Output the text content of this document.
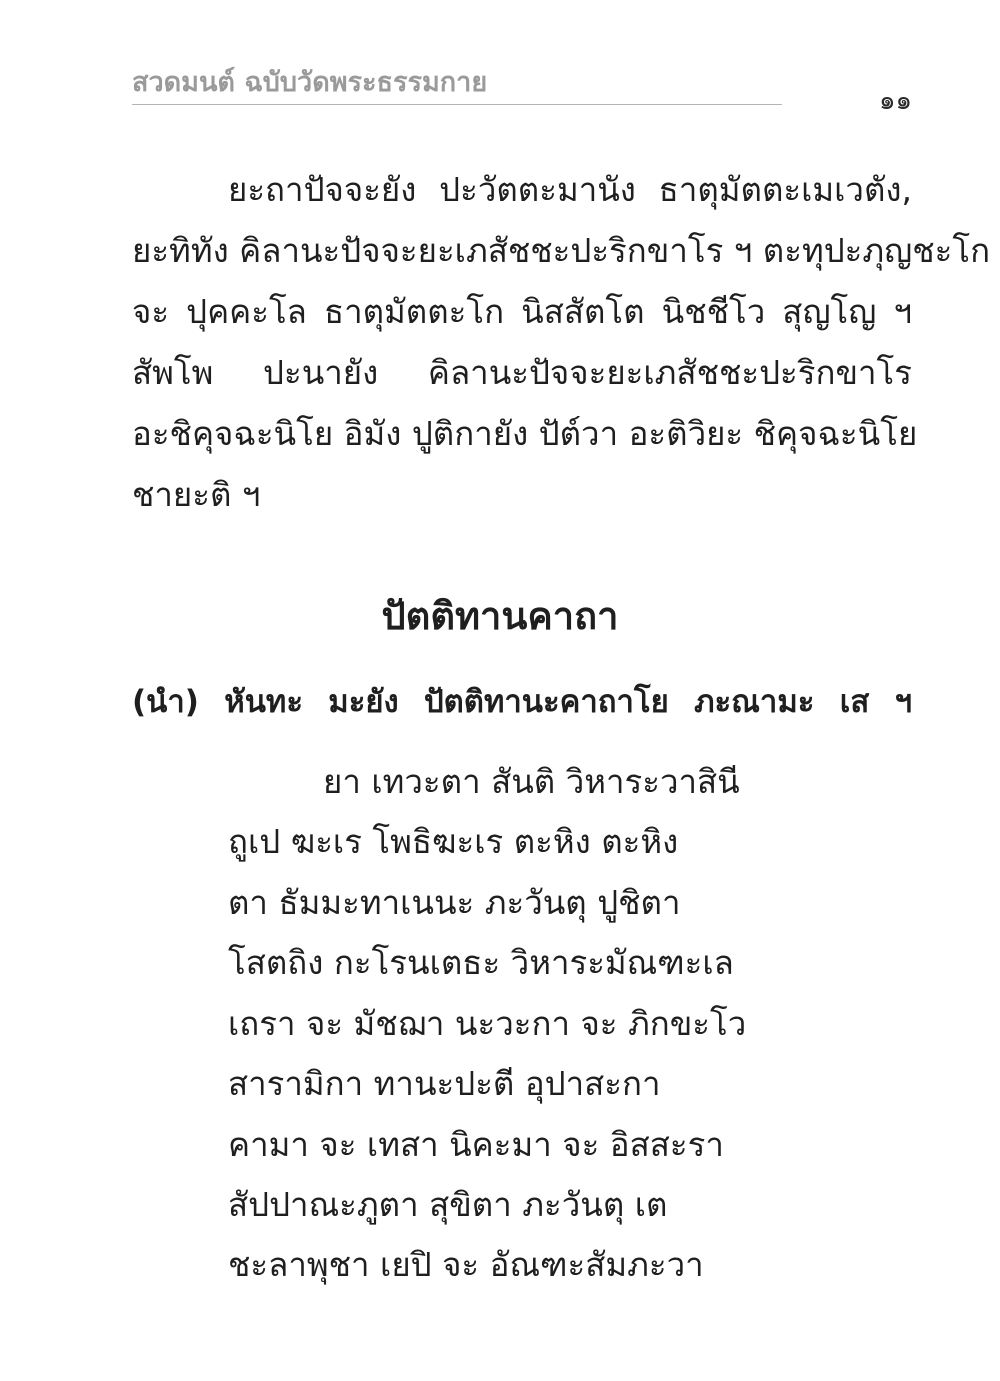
สวดมนต์ ฉบับวัดพระธรรมกาย
๑๑
ยะถาปัจจะยัง ปะวัตตะมานัง ธาตุมัตตะเมเวตัง,
ยะทิทัง คิลานะปัจจะยะเภสัชชะปะริกขาโร ฯ ตะทุปะภุญชะโก
จะ ปุคคะโล ธาตุมัตตะโก นิสสัตโต นิชชีโว สุญโญ ฯ
สัพโพ ปะนายัง คิลานะปัจจะยะเภสัชชะปะริกขาโร
อะชิคุจฉะนิโย อิมัง ปูติกายัง ปัต์วา อะติวิยะ ชิคุจฉะนิโย
ชายะติ ฯ
ปัตติทานคาถา
(นำ) หันทะ มะยัง ปัตติทานะคาถาโย ภะณามะ เส ฯ
ยา เทวะตา สันติ วิหาระวาสินี
ถูเป ฆะเร โพธิฆะเร ตะหิง ตะหิง
ตา ธัมมะทาเนนะ ภะวันตุ ปูชิตา
โสตถิง กะโรนเตธะ วิหาระมัณฑะเล
เถรา จะ มัชฌา นะวะกา จะ ภิกขะโว
สารามิกา ทานะปะตี อุปาสะกา
คามา จะ เทสา นิคะมา จะ อิสสะรา
สัปปาณะภูตา สุขิตา ภะวันตุ เต
ชะลาพุชา เยปิ จะ อัณฑะสัมภะวา
